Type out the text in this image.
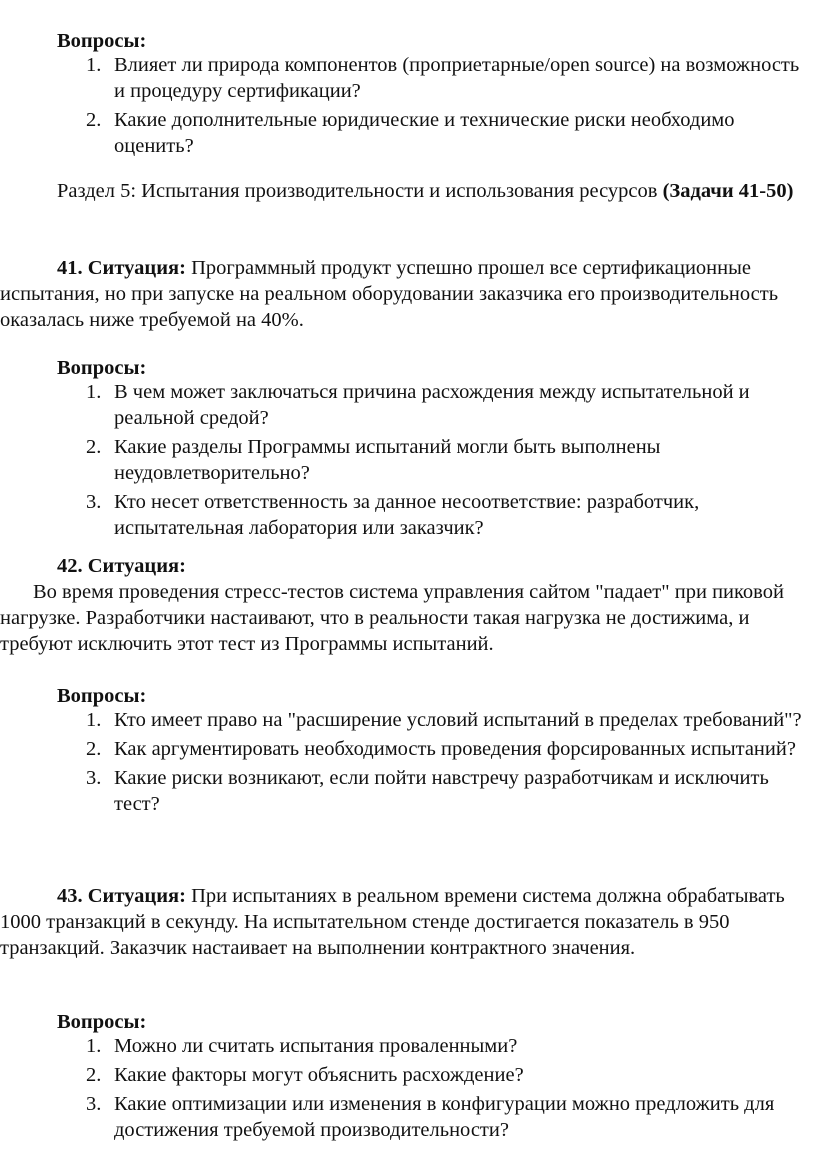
Вопросы:

1. Влияет ли природа компонентов (проприетарные/open source) на возможность и процедуру сертификации?
2. Какие дополнительные юридические и технические риски необходимо оценить?

Раздел 5: Испытания производительности и использования ресурсов (Задачи 41-50)

41. Ситуация: Программный продукт успешно прошел все сертификационные испытания, но при запуске на реальном оборудовании заказчика его производительность оказалась ниже требуемой на 40%.

Вопросы:

1. В чем может заключаться причина расхождения между испытательной и реальной средой?
2. Какие разделы Программы испытаний могли быть выполнены неудовлетворительно?
3. Кто несет ответственность за данное несоответствие: разработчик, испытательная лаборатория или заказчик?

42. Ситуация:
Во время проведения стресс-тестов система управления сайтом "падает" при пиковой нагрузке. Разработчики настаивают, что в реальности такая нагрузка не достижима, и требуют исключить этот тест из Программы испытаний.

Вопросы:

1. Кто имеет право на "расширение условий испытаний в пределах требований"?
2. Как аргументировать необходимость проведения форсированных испытаний?
3. Какие риски возникают, если пойти навстречу разработчикам и исключить тест?

43. Ситуация: При испытаниях в реальном времени система должна обрабатывать 1000 транзакций в секунду. На испытательном стенде достигается показатель в 950 транзакций. Заказчик настаивает на выполнении контрактного значения.

Вопросы:

1. Можно ли считать испытания проваленными?
2. Какие факторы могут объяснить расхождение?
3. Какие оптимизации или изменения в конфигурации можно предложить для достижения требуемой производительности?
